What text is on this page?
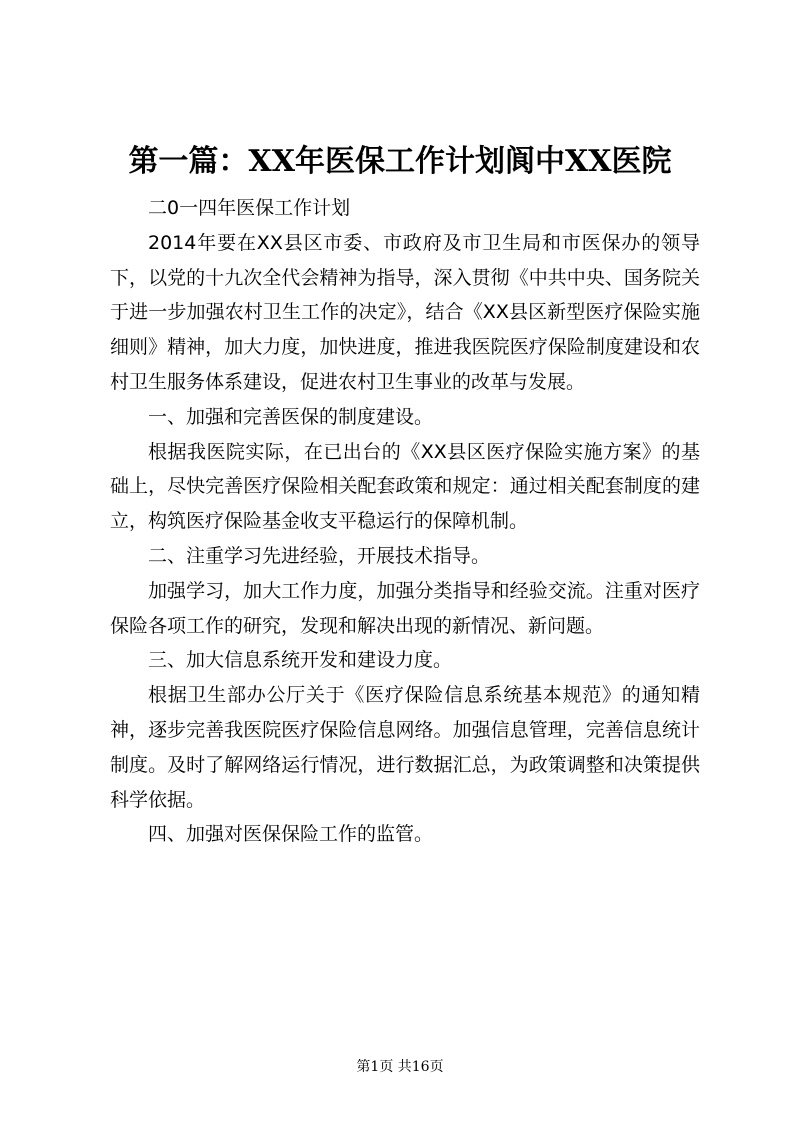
第一篇：XX年医保工作计划阆中XX医院

二0一四年医保工作计划

2014年要在XX县区市委、市政府及市卫生局和市医保办的领导下，以党的十九次全代会精神为指导，深入贯彻《中共中央、国务院关于进一步加强农村卫生工作的决定》，结合《XX县区新型医疗保险实施细则》精神，加大力度，加快进度，推进我医院医疗保险制度建设和农村卫生服务体系建设，促进农村卫生事业的改革与发展。

一、加强和完善医保的制度建设。

根据我医院实际，在已出台的《XX县区医疗保险实施方案》的基础上，尽快完善医疗保险相关配套政策和规定：通过相关配套制度的建立，构筑医疗保险基金收支平稳运行的保障机制。

二、注重学习先进经验，开展技术指导。

加强学习，加大工作力度，加强分类指导和经验交流。注重对医疗保险各项工作的研究，发现和解决出现的新情况、新问题。

三、加大信息系统开发和建设力度。

根据卫生部办公厅关于《医疗保险信息系统基本规范》的通知精神，逐步完善我医院医疗保险信息网络。加强信息管理，完善信息统计制度。及时了解网络运行情况，进行数据汇总，为政策调整和决策提供科学依据。

四、加强对医保保险工作的监管。

第1页 共16页
